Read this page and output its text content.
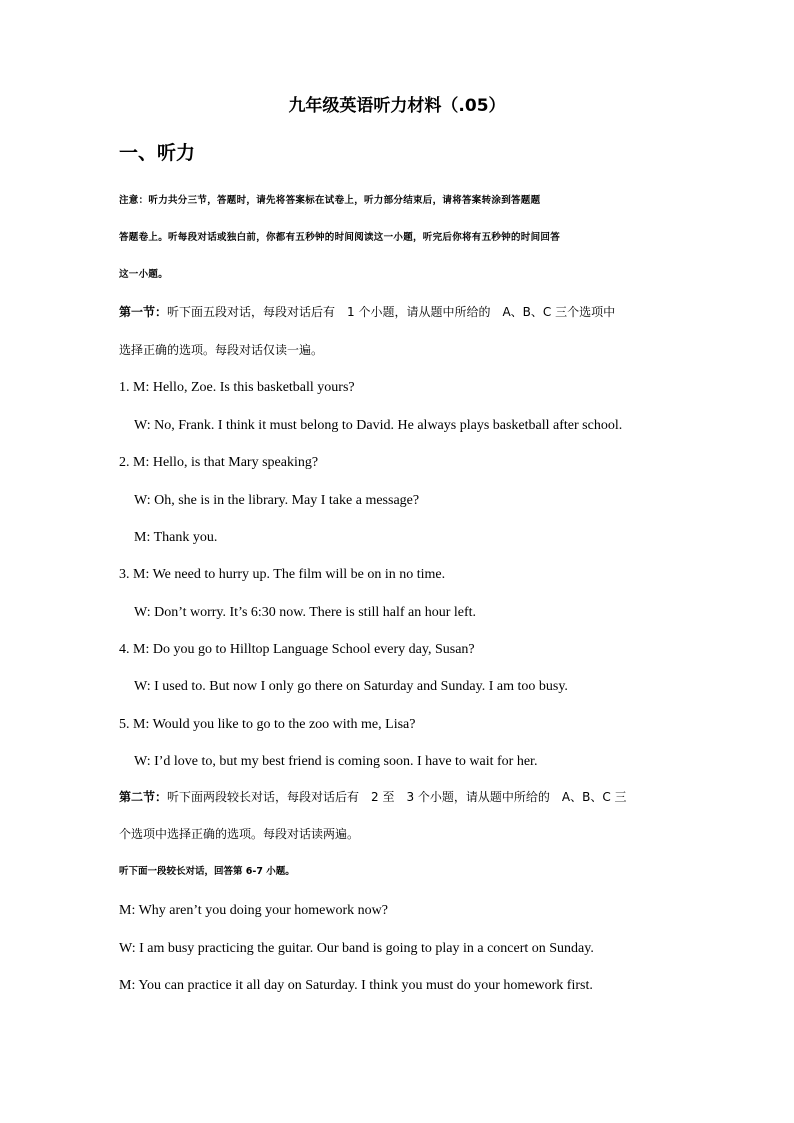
九年级英语听力材料（.05）
一、听力
注意：听力共分三节，答题时，请先将答案标在试卷上，听力部分结束后，请将答案转涂到答题题
答题卷上。听每段对话或独白前，你都有五秒钟的时间阅读这一小题，听完后你将有五秒钟的时间回答
这一小题。
第一节：听下面五段对话，每段对话后有　1 个小题，请从题中所给的　A、B、C 三个选项中
选择正确的选项。每段对话仅读一遍。
1. M: Hello, Zoe. Is this basketball yours?
W: No, Frank. I think it must belong to David. He always plays basketball after school.
2. M: Hello, is that Mary speaking?
W: Oh, she is in the library. May I take a message?
M: Thank you.
3. M: We need to hurry up. The film will be on in no time.
W: Don’t worry. It’s 6:30 now. There is still half an hour left.
4. M: Do you go to Hilltop Language School every day, Susan?
W: I used to. But now I only go there on Saturday and Sunday. I am too busy.
5. M: Would you like to go to the zoo with me, Lisa?
W: I’d love to, but my best friend is coming soon. I have to wait for her.
第二节：听下面两段较长对话，每段对话后有　2 至　3 个小题，请从题中所给的　A、B、C 三
个选项中选择正确的选项。每段对话读两遍。
听下面一段较长对话，回答第 6-7 小题。
M: Why aren’t you doing your homework now?
W: I am busy practicing the guitar. Our band is going to play in a concert on Sunday.
M: You can practice it all day on Saturday. I think you must do your homework first.
